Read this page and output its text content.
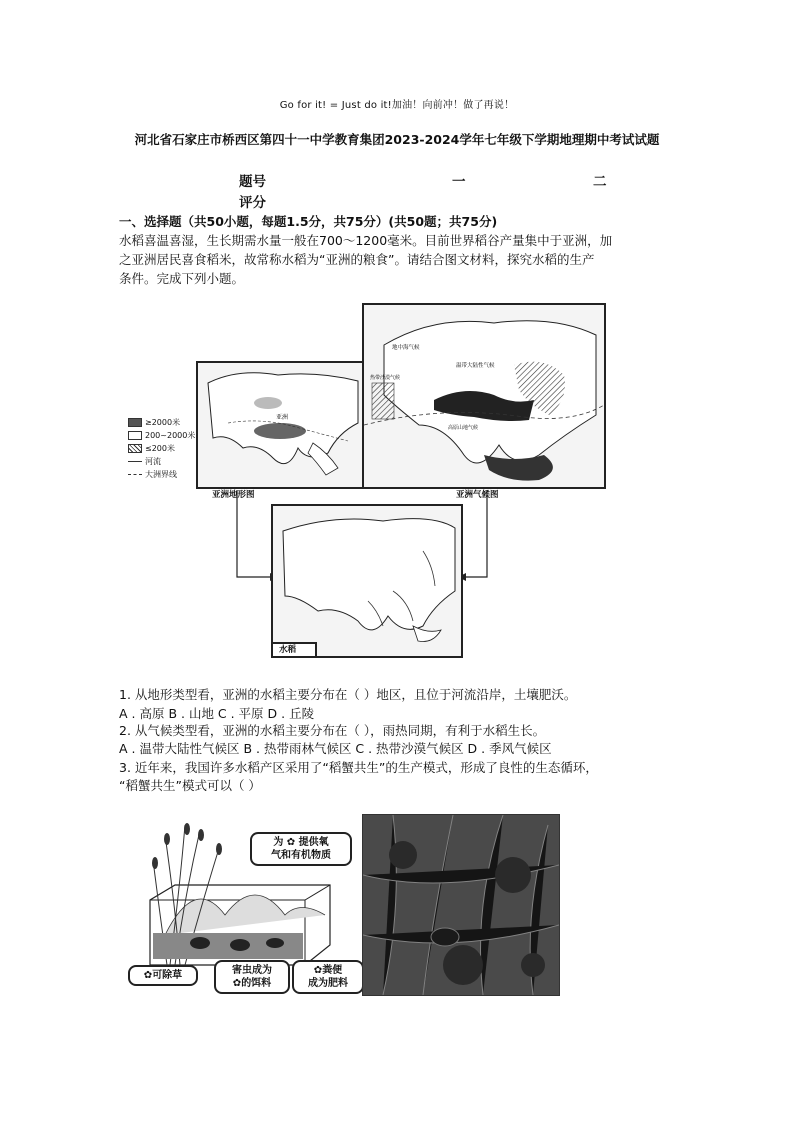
Go for it! = Just do it!加油！向前冲！做了再说！
河北省石家庄市桥西区第四十一中学教育集团2023-2024学年七年级下学期地理期中考试试题
题号	一	二
评分
一、选择题（共50小题，每题1.5分，共75分）(共50题；共75分)
水稻喜温喜湿，生长期需水量一般在700～1200毫米。目前世界稻谷产量集中于亚洲，加
之亚洲居民喜食稻米，故常称水稻为“亚洲的粮食”。请结合图文材料，探究水稻的生产
条件。完成下列小题。
≥2000米
200~2000米
≤200米
河流
大洲界线
亚洲
亚洲地形图
地中海气候
温带大陆性气候
热带沙漠气候
高原山地气候
亚洲气候图
水稻
1. 从地形类型看，亚洲的水稻主要分布在（ ）地区，且位于河流沿岸，土壤肥沃。
A . 高原 B . 山地 C . 平原 D . 丘陵
2. 从气候类型看，亚洲的水稻主要分布在（ ），雨热同期，有利于水稻生长。
A . 温带大陆性气候区 B . 热带雨林气候区 C . 热带沙漠气候区 D . 季风气候区
3. 近年来，我国许多水稻产区采用了“稻蟹共生”的生产模式，形成了良性的生态循环，
“稻蟹共生”模式可以（ ）
为 ✿ 提供氧
气和有机物质
✿可除草	害虫成为
✿的饵料
✿粪便
成为肥料
